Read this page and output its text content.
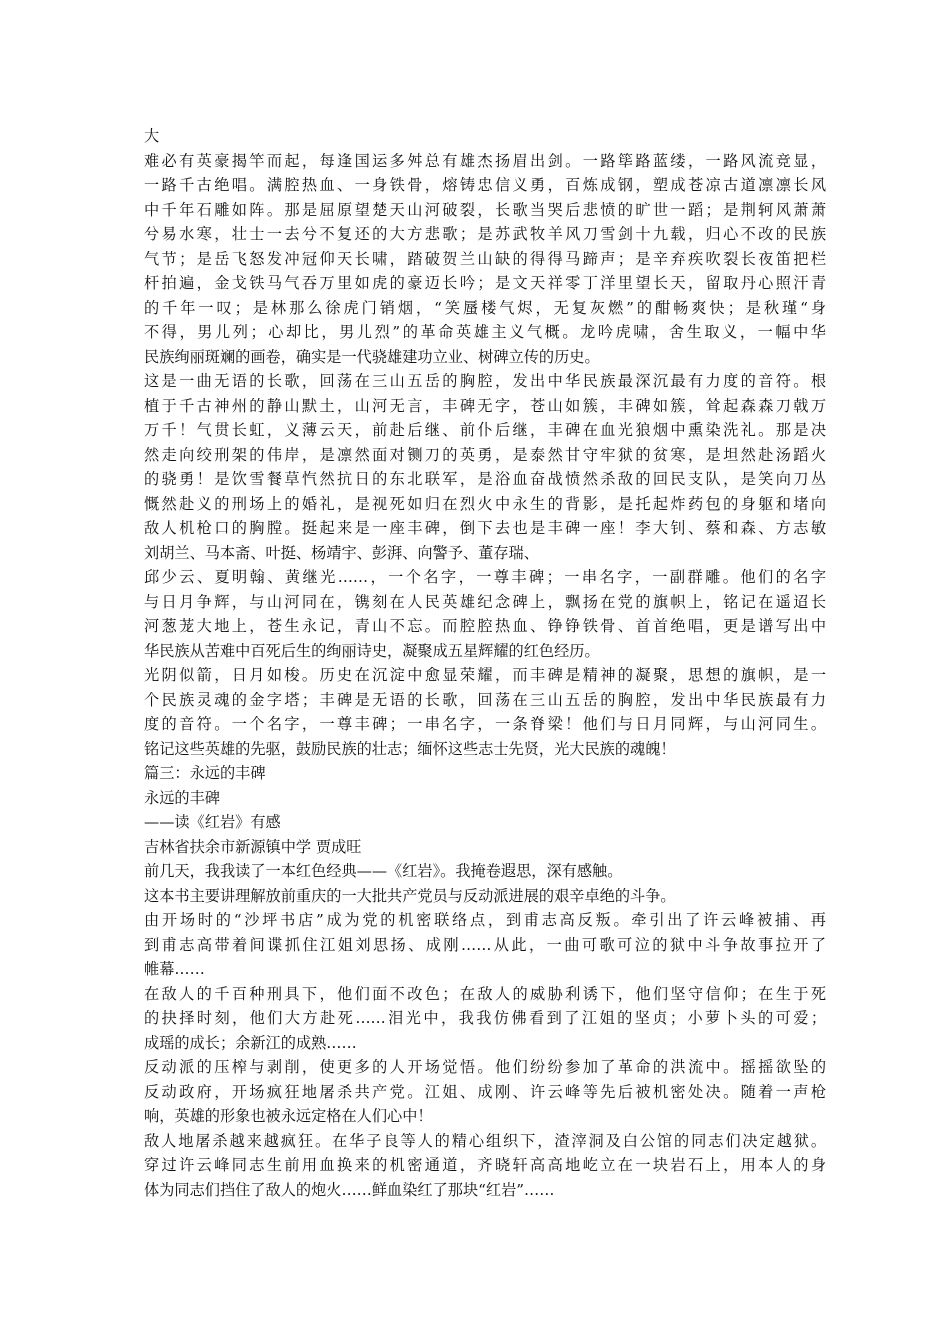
大
难必有英豪揭竿而起，每逢国运多舛总有雄杰扬眉出剑。一路筚路蓝缕，一路风流竞显，
一路千古绝唱。满腔热血、一身铁骨，熔铸忠信义勇，百炼成钢，塑成苍凉古道凛凛长风
中千年石雕如阵。那是屈原望楚天山河破裂，长歌当哭后悲愤的旷世一蹈；是荆轲风萧萧
兮易水寒，壮士一去兮不复还的大方悲歌；是苏武牧羊风刀雪剑十九载，归心不改的民族
气节；是岳飞怒发冲冠仰天长啸，踏破贺兰山缺的得得马蹄声；是辛弃疾吹裂长夜笛把栏
杆拍遍，金戈铁马气吞万里如虎的豪迈长吟；是文天祥零丁洋里望长天，留取丹心照汗青
的千年一叹；是林那么徐虎门销烟，“笑蜃楼气烬，无复灰燃”的酣畅爽快；是秋瑾“身
不得，男儿列；心却比，男儿烈”的革命英雄主义气概。龙吟虎啸，舍生取义，一幅中华
民族绚丽斑斓的画卷，确实是一代骁雄建功立业、树碑立传的历史。
这是一曲无语的长歌，回荡在三山五岳的胸腔，发出中华民族最深沉最有力度的音符。根
植于千古神州的静山默土，山河无言，丰碑无字，苍山如簇，丰碑如簇，耸起森森刀戟万
万千！气贯长虹，义薄云天，前赴后继、前仆后继，丰碑在血光狼烟中熏染洗礼。那是决
然走向绞刑架的伟岸，是凛然面对铡刀的英勇，是泰然甘守牢狱的贫寒，是坦然赴汤蹈火
的骁勇！是饮雪餐草忾然抗日的东北联军，是浴血奋战愤然杀敌的回民支队，是笑向刀丛
慨然赴义的刑场上的婚礼，是视死如归在烈火中永生的背影，是托起炸药包的身躯和堵向
敌人机枪口的胸膛。挺起来是一座丰碑，倒下去也是丰碑一座！李大钊、蔡和森、方志敏
刘胡兰、马本斋、叶挺、杨靖宇、彭湃、向警予、董存瑞、
邱少云、夏明翰、黄继光……，一个名字，一尊丰碑；一串名字，一副群雕。他们的名字
与日月争辉，与山河同在，镌刻在人民英雄纪念碑上，飘扬在党的旗帜上，铭记在遥迢长
河葱茏大地上，苍生永记，青山不忘。而腔腔热血、铮铮铁骨、首首绝唱，更是谱写出中
华民族从苦难中百死后生的绚丽诗史，凝聚成五星辉耀的红色经历。
光阴似箭，日月如梭。历史在沉淀中愈显荣耀，而丰碑是精神的凝聚，思想的旗帜，是一
个民族灵魂的金字塔；丰碑是无语的长歌，回荡在三山五岳的胸腔，发出中华民族最有力
度的音符。一个名字，一尊丰碑；一串名字，一条脊梁！他们与日月同辉，与山河同生。
铭记这些英雄的先驱，鼓励民族的壮志；缅怀这些志士先贤，光大民族的魂魄！
篇三：永远的丰碑
永远的丰碑
——读《红岩》有感
吉林省扶余市新源镇中学 贾成旺
前几天，我我读了一本红色经典——《红岩》。我掩卷遐思，深有感触。
这本书主要讲理解放前重庆的一大批共产党员与反动派进展的艰辛卓绝的斗争。
由开场时的“沙坪书店”成为党的机密联络点，到甫志高反叛。牵引出了许云峰被捕、再
到甫志高带着间谍抓住江姐刘思扬、成刚……从此，一曲可歌可泣的狱中斗争故事拉开了
帷幕……
在敌人的千百种刑具下，他们面不改色；在敌人的威胁利诱下，他们坚守信仰；在生于死
的抉择时刻，他们大方赴死……泪光中，我我仿佛看到了江姐的坚贞；小萝卜头的可爱；
成瑶的成长；余新江的成熟……
反动派的压榨与剥削，使更多的人开场觉悟。他们纷纷参加了革命的洪流中。摇摇欲坠的
反动政府，开场疯狂地屠杀共产党。江姐、成刚、许云峰等先后被机密处决。随着一声枪
响，英雄的形象也被永远定格在人们心中！
敌人地屠杀越来越疯狂。在华子良等人的精心组织下，渣滓洞及白公馆的同志们决定越狱。
穿过许云峰同志生前用血换来的机密通道，齐晓轩高高地屹立在一块岩石上，用本人的身
体为同志们挡住了敌人的炮火……鲜血染红了那块“红岩”……
